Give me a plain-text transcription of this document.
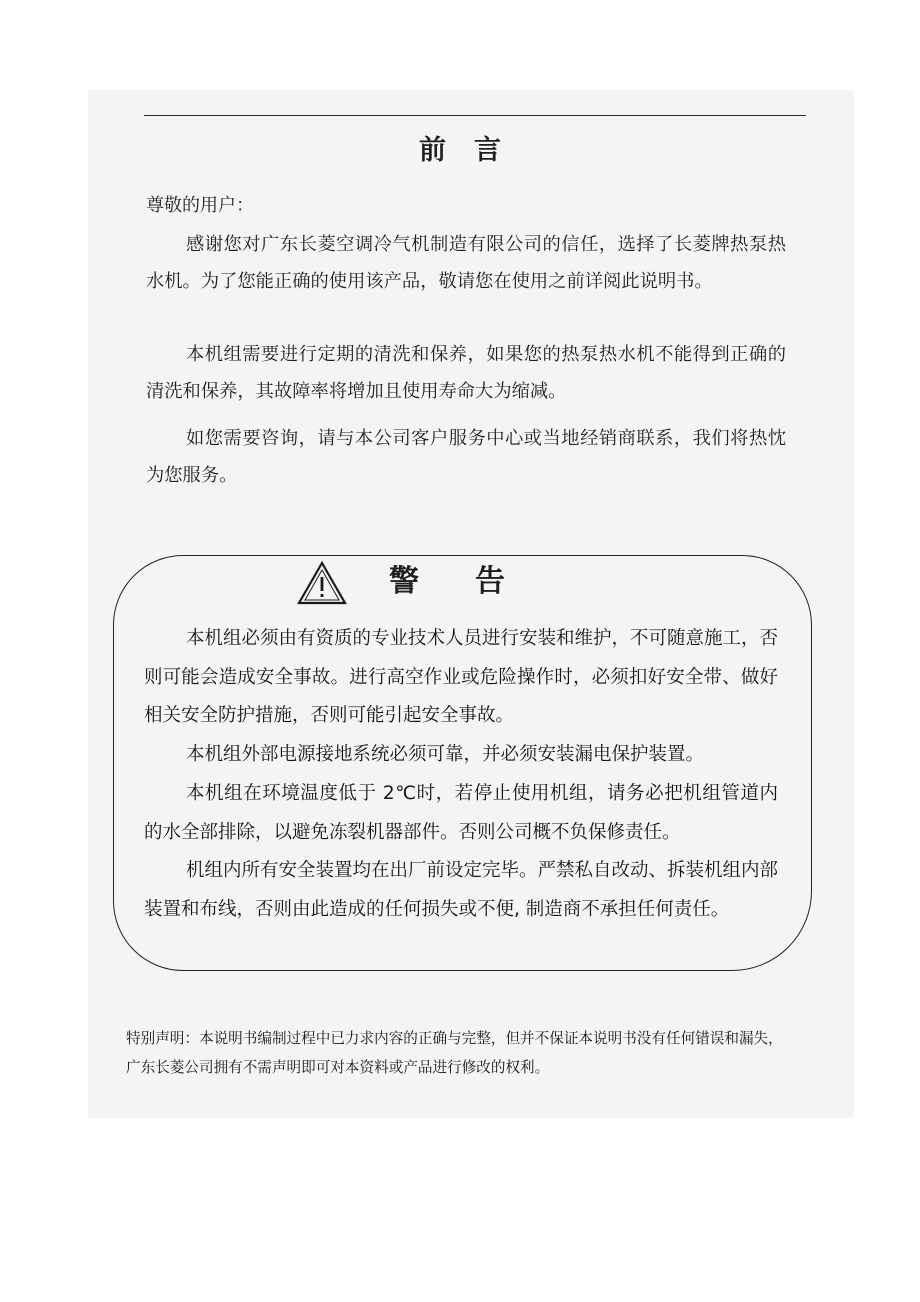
前言
尊敬的用户：

感谢您对广东长菱空调冷气机制造有限公司的信任，选择了长菱牌热泵热水机。为了您能正确的使用该产品，敬请您在使用之前详阅此说明书。

本机组需要进行定期的清洗和保养，如果您的热泵热水机不能得到正确的清洗和保养，其故障率将增加且使用寿命大为缩减。

如您需要咨询，请与本公司客户服务中心或当地经销商联系，我们将热忱为您服务。

警告

本机组必须由有资质的专业技术人员进行安装和维护，不可随意施工，否则可能会造成安全事故。进行高空作业或危险操作时，必须扣好安全带、做好相关安全防护措施，否则可能引起安全事故。

本机组外部电源接地系统必须可靠，并必须安装漏电保护装置。

本机组在环境温度低于 2℃时，若停止使用机组，请务必把机组管道内的水全部排除，以避免冻裂机器部件。否则公司概不负保修责任。

机组内所有安全装置均在出厂前设定完毕。严禁私自改动、拆装机组内部装置和布线，否则由此造成的任何损失或不便, 制造商不承担任何责任。

特别声明：本说明书编制过程中已力求内容的正确与完整，但并不保证本说明书没有任何错误和漏失，广东长菱公司拥有不需声明即可对本资料或产品进行修改的权利。
